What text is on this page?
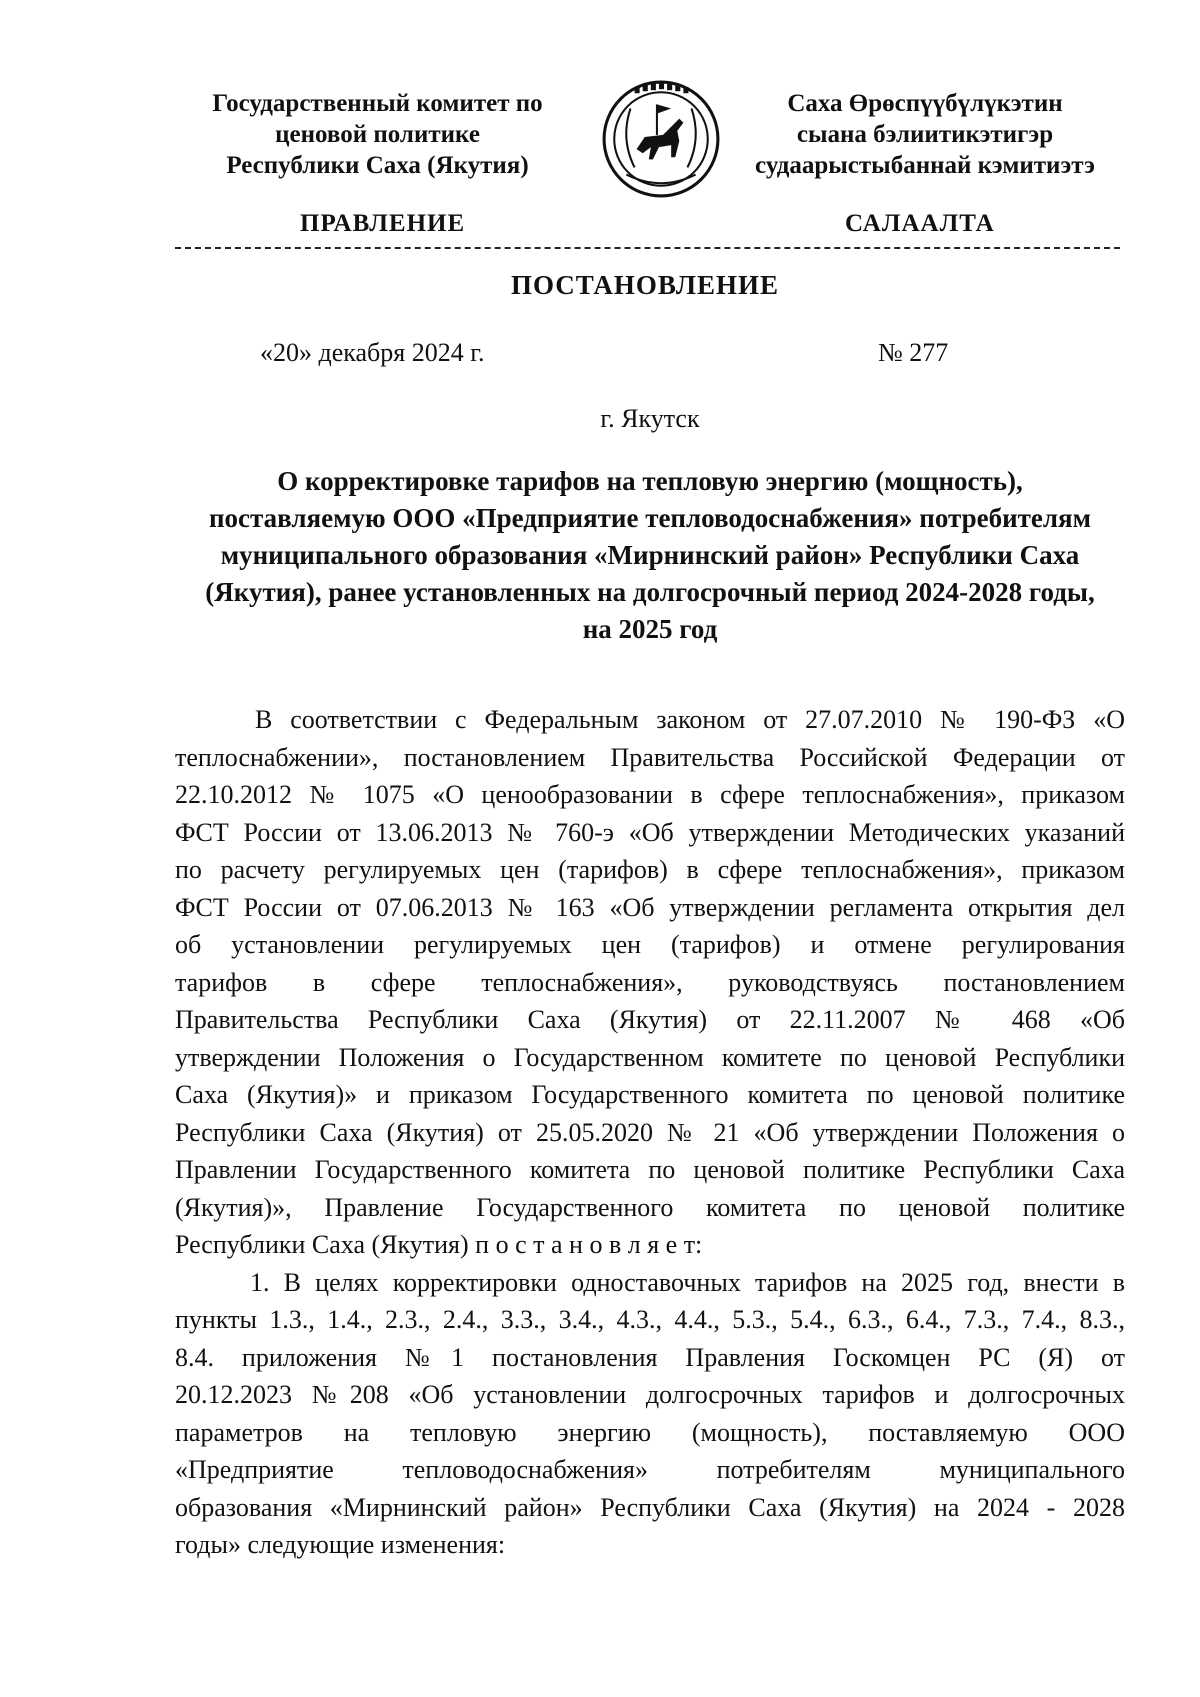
Государственный комитет по
ценовой политике
Республики Саха (Якутия)
Саха Өрөспүүбүлүкэтин
сыана бэлиитикэтигэр
судаарыстыбаннай кэмитиэтэ
ПРАВЛЕНИЕ	САЛААЛТА
ПОСТАНОВЛЕНИЕ
«20» декабря 2024 г.	№ 277
г. Якутск
О корректировке тарифов на тепловую энергию (мощность),
поставляемую ООО «Предприятие тепловодоснабжения» потребителям
муниципального образования «Мирнинский район» Республики Саха
(Якутия), ранее установленных на долгосрочный период 2024-2028 годы,
на 2025 год
В соответствии с Федеральным законом от 27.07.2010 № 190-ФЗ «О
теплоснабжении», постановлением Правительства Российской Федерации от
22.10.2012 № 1075 «О ценообразовании в сфере теплоснабжения», приказом
ФСТ России от 13.06.2013 № 760-э «Об утверждении Методических указаний
по расчету регулируемых цен (тарифов) в сфере теплоснабжения», приказом
ФСТ России от 07.06.2013 № 163 «Об утверждении регламента открытия дел
об установлении регулируемых цен (тарифов) и отмене регулирования
тарифов в сфере теплоснабжения», руководствуясь постановлением
Правительства Республики Саха (Якутия) от 22.11.2007 № 468 «Об
утверждении Положения о Государственном комитете по ценовой Республики
Саха (Якутия)» и приказом Государственного комитета по ценовой политике
Республики Саха (Якутия) от 25.05.2020 № 21 «Об утверждении Положения о
Правлении Государственного комитета по ценовой политике Республики Саха
(Якутия)», Правление Государственного комитета по ценовой политике
Республики Саха (Якутия) п о с т а н о в л я е т:
1. В целях корректировки одноставочных тарифов на 2025 год, внести в
пункты 1.3., 1.4., 2.3., 2.4., 3.3., 3.4., 4.3., 4.4., 5.3., 5.4., 6.3., 6.4., 7.3., 7.4., 8.3.,
8.4. приложения №1 постановления Правления Госкомцен РС (Я) от
20.12.2023 №208 «Об установлении долгосрочных тарифов и долгосрочных
параметров на тепловую энергию (мощность), поставляемую ООО
«Предприятие тепловодоснабжения» потребителям муниципального
образования «Мирнинский район» Республики Саха (Якутия) на 2024 - 2028
годы» следующие изменения:
